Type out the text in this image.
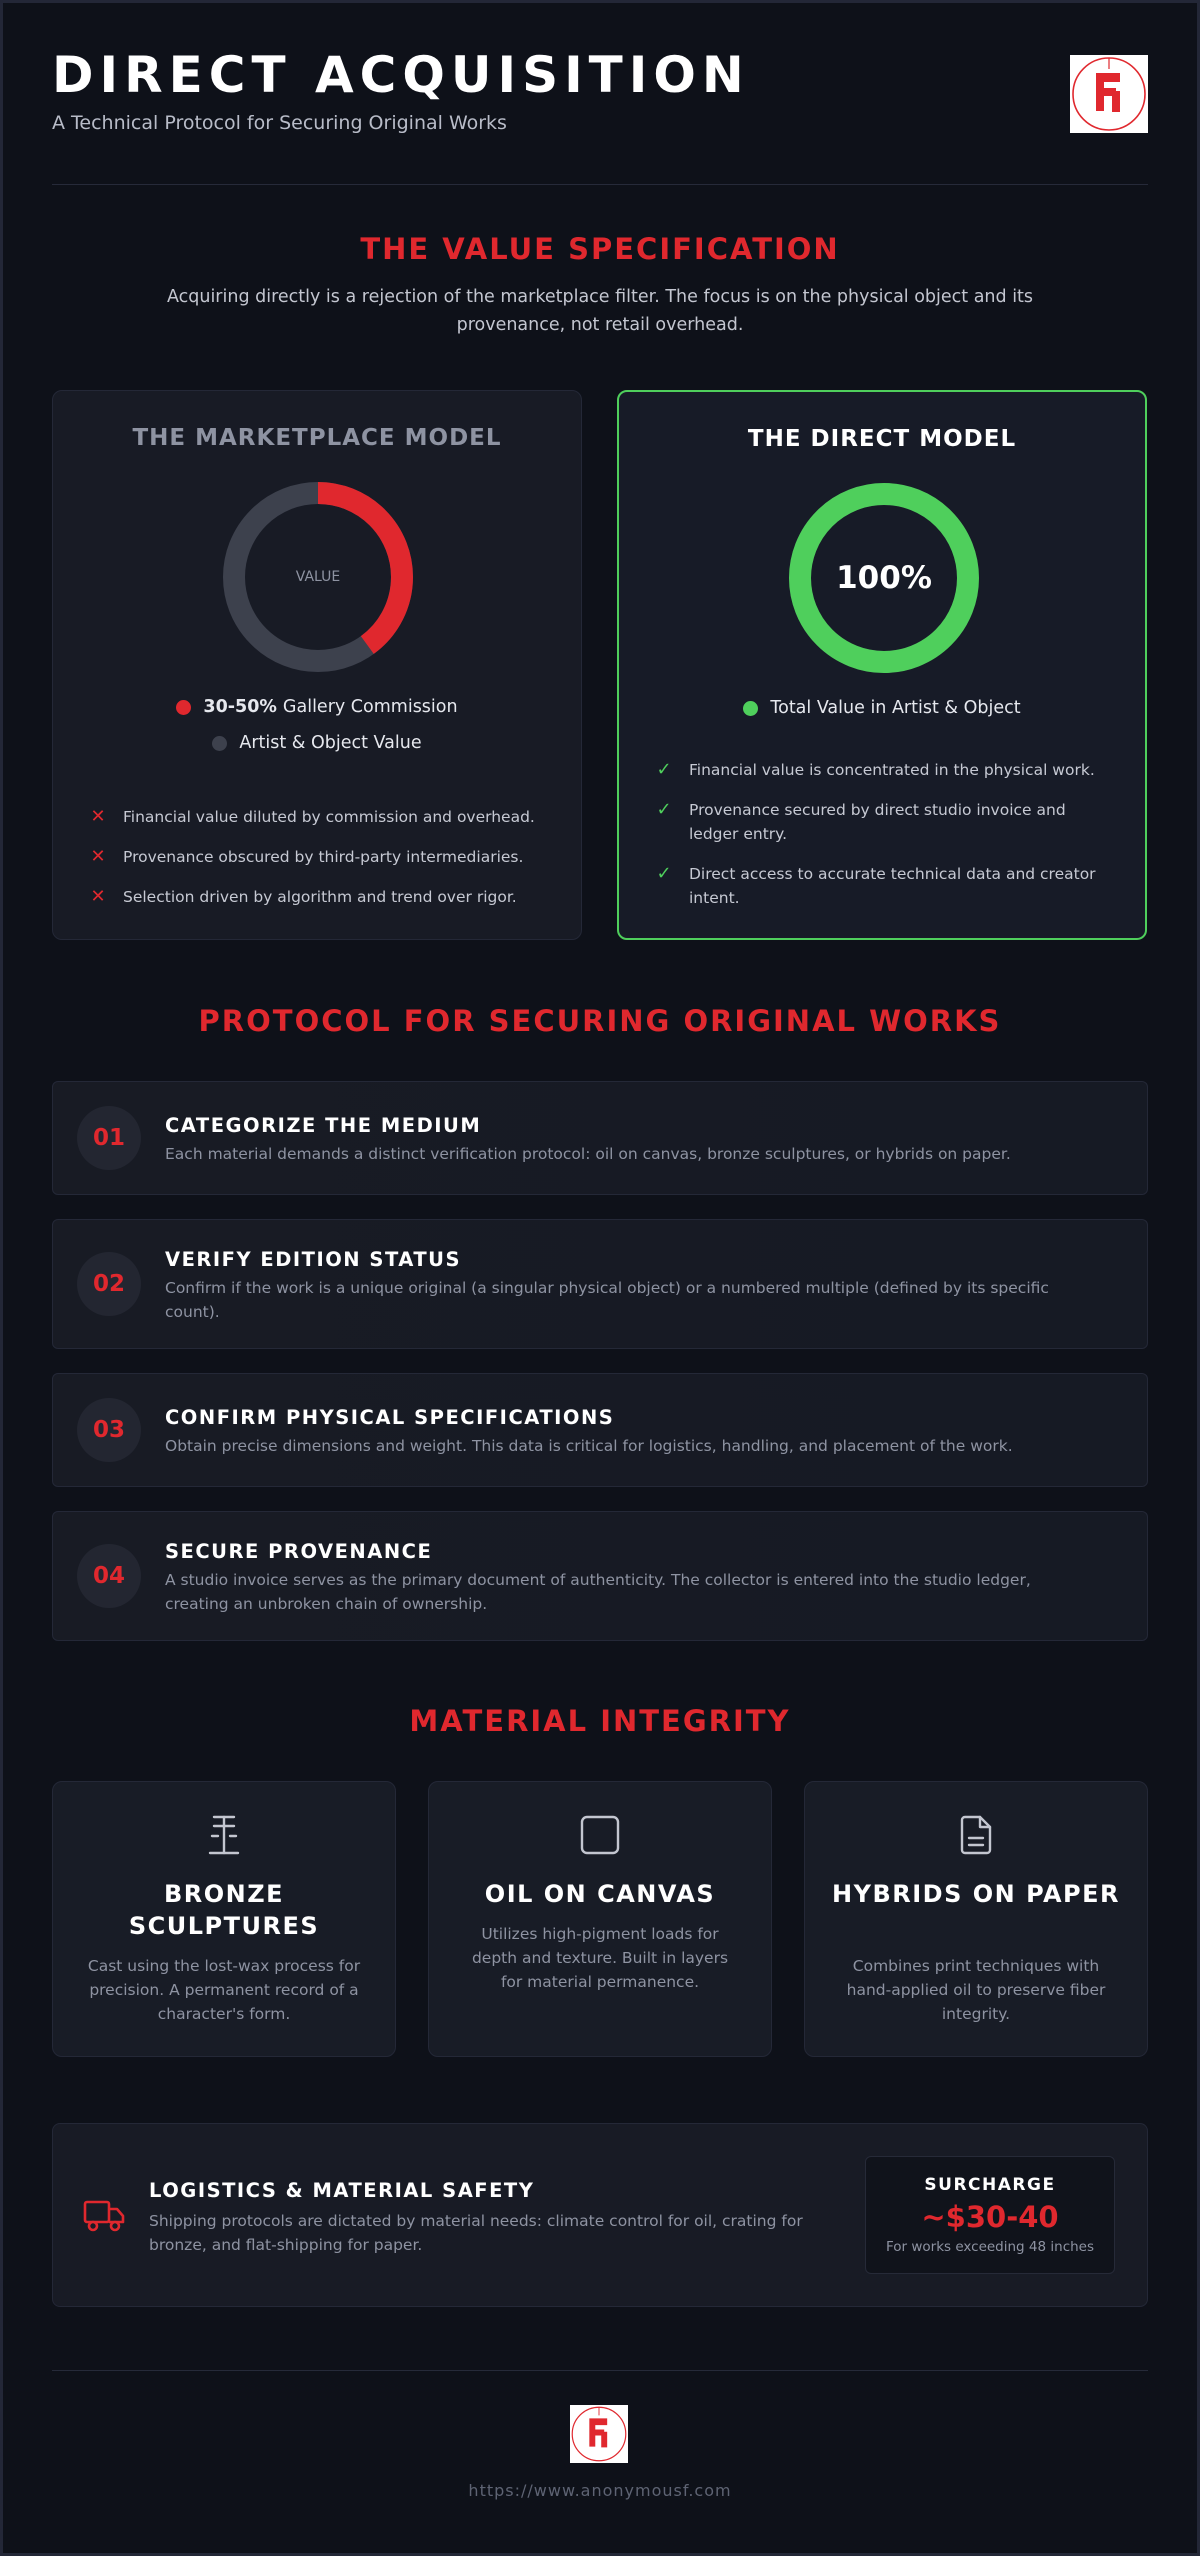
DIRECT ACQUISITION
A Technical Protocol for Securing Original Works
THE VALUE SPECIFICATION
Acquiring directly is a rejection of the marketplace filter. The focus is on the physical object and its provenance, not retail overhead.
THE MARKETPLACE MODEL
VALUE
30-50% Gallery Commission
Artist & Object Value
✕ Financial value diluted by commission and overhead.
✕ Provenance obscured by third-party intermediaries.
✕ Selection driven by algorithm and trend over rigor.
THE DIRECT MODEL
100%
Total Value in Artist & Object
✓ Financial value is concentrated in the physical work.
✓ Provenance secured by direct studio invoice and ledger entry.
✓ Direct access to accurate technical data and creator intent.
PROTOCOL FOR SECURING ORIGINAL WORKS
01	CATEGORIZE THE MEDIUM
Each material demands a distinct verification protocol: oil on canvas, bronze sculptures, or hybrids on paper.
02
VERIFY EDITION STATUS
Confirm if the work is a unique original (a singular physical object) or a numbered multiple (defined by its specific count).
03	CONFIRM PHYSICAL SPECIFICATIONS
Obtain precise dimensions and weight. This data is critical for logistics, handling, and placement of the work.
04
SECURE PROVENANCE
A studio invoice serves as the primary document of authenticity. The collector is entered into the studio ledger, creating an unbroken chain of ownership.
MATERIAL INTEGRITY
BRONZE SCULPTURES
Cast using the lost-wax process for precision. A permanent record of a character's form.
OIL ON CANVAS
Utilizes high-pigment loads for depth and texture. Built in layers for material permanence.
HYBRIDS ON PAPER
Combines print techniques with hand-applied oil to preserve fiber integrity.
LOGISTICS & MATERIAL SAFETY
Shipping protocols are dictated by material needs: climate control for oil, crating for bronze, and flat-shipping for paper.
SURCHARGE
~$30-40
For works exceeding 48 inches
https://www.anonymousf.com
